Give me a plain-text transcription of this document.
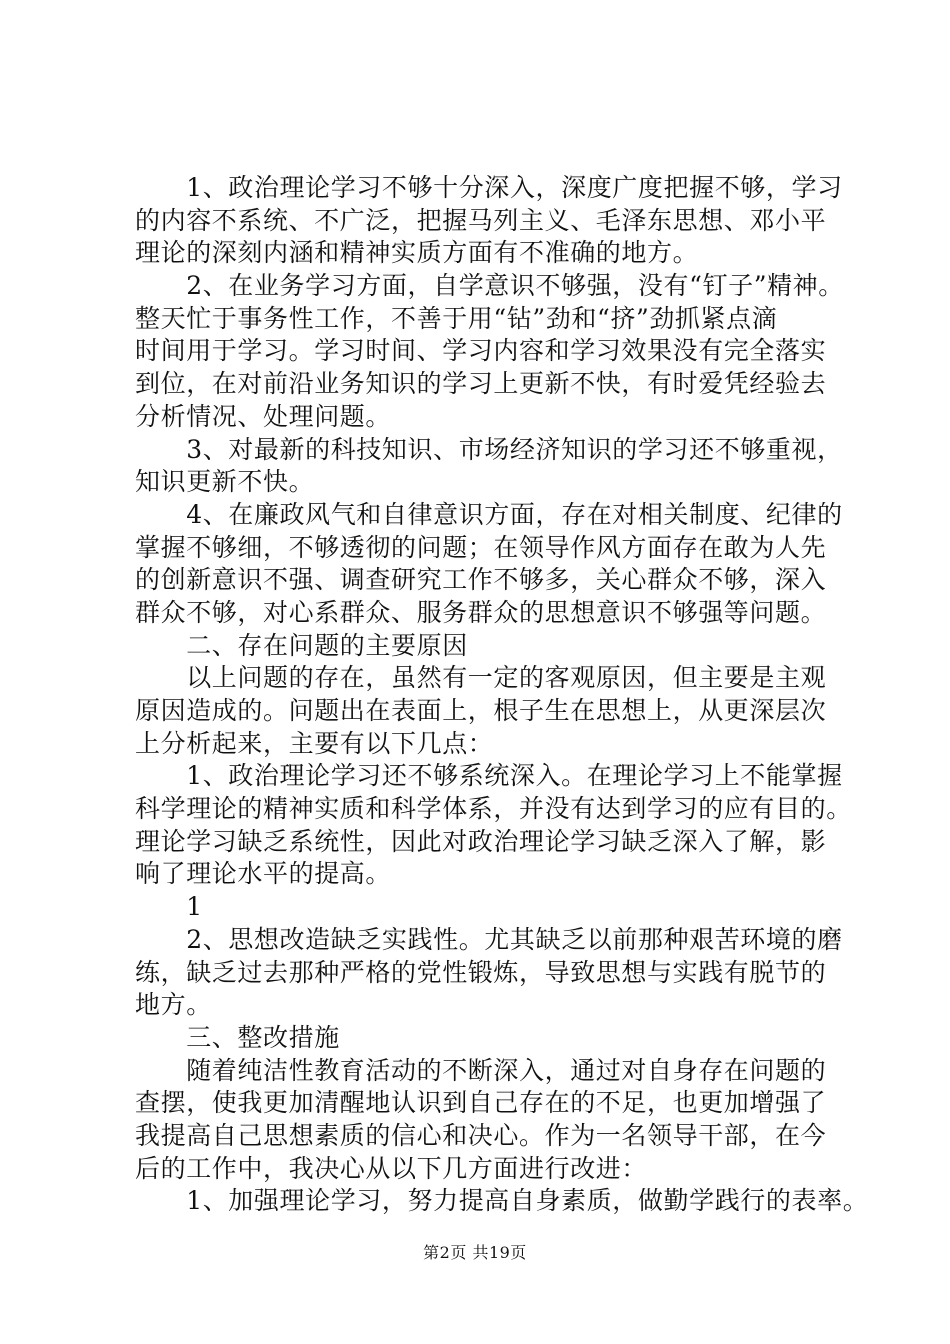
　　1、政治理论学习不够十分深入，深度广度把握不够，学习
的内容不系统、不广泛，把握马列主义、毛泽东思想、邓小平
理论的深刻内涵和精神实质方面有不准确的地方。
　　2、在业务学习方面，自学意识不够强，没有“钉子”精神。
整天忙于事务性工作，不善于用“钻”劲和“挤”劲抓紧点滴
时间用于学习。学习时间、学习内容和学习效果没有完全落实
到位，在对前沿业务知识的学习上更新不快，有时爱凭经验去
分析情况、处理问题。
　　3、对最新的科技知识、市场经济知识的学习还不够重视，
知识更新不快。
　　4、在廉政风气和自律意识方面，存在对相关制度、纪律的
掌握不够细，不够透彻的问题；在领导作风方面存在敢为人先
的创新意识不强、调查研究工作不够多，关心群众不够，深入
群众不够，对心系群众、服务群众的思想意识不够强等问题。
　　二、存在问题的主要原因
　　以上问题的存在，虽然有一定的客观原因，但主要是主观
原因造成的。问题出在表面上，根子生在思想上，从更深层次
上分析起来，主要有以下几点：
　　1、政治理论学习还不够系统深入。在理论学习上不能掌握
科学理论的精神实质和科学体系，并没有达到学习的应有目的。
理论学习缺乏系统性，因此对政治理论学习缺乏深入了解，影
响了理论水平的提高。
　　1
　　2、思想改造缺乏实践性。尤其缺乏以前那种艰苦环境的磨
练，缺乏过去那种严格的党性锻炼，导致思想与实践有脱节的
地方。
　　三、整改措施
　　随着纯洁性教育活动的不断深入，通过对自身存在问题的
查摆，使我更加清醒地认识到自己存在的不足，也更加增强了
我提高自己思想素质的信心和决心。作为一名领导干部，在今
后的工作中，我决心从以下几方面进行改进：
　　1、加强理论学习，努力提高自身素质，做勤学践行的表率。
第2页 共19页
